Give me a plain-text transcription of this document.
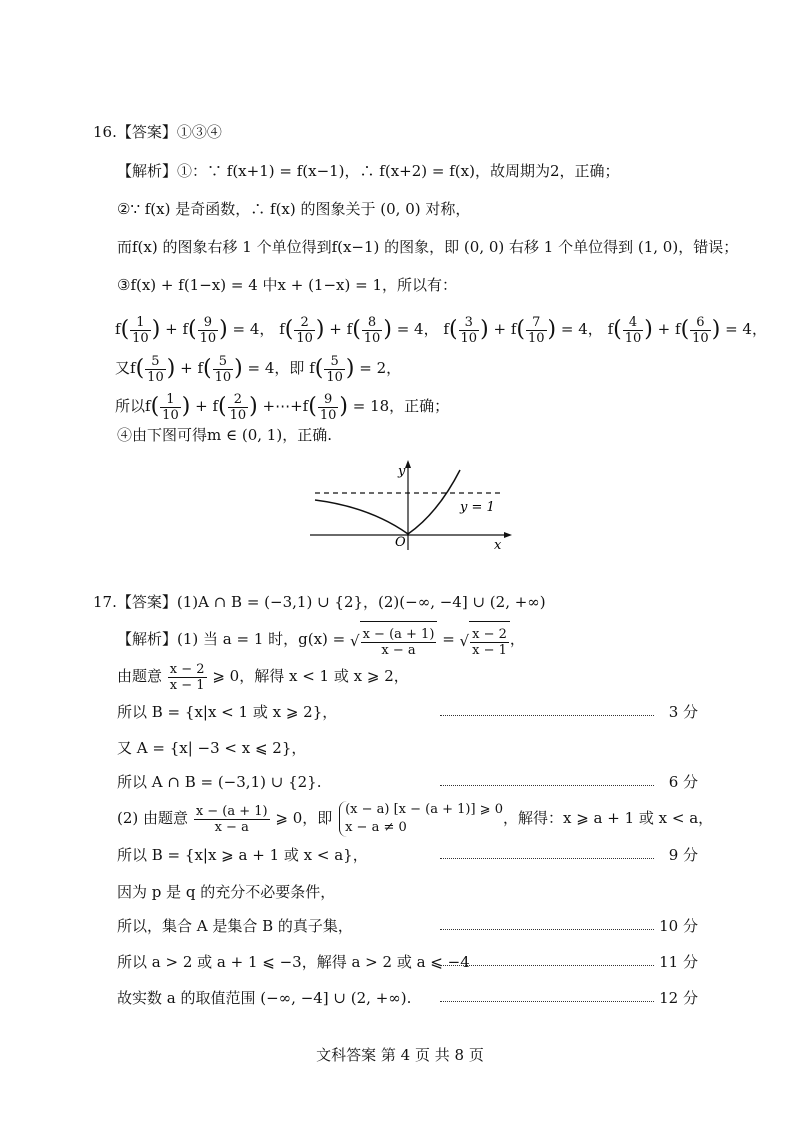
16.【答案】①③④
【解析】①：∵ f(x+1) = f(x−1)，∴ f(x+2) = f(x)，故周期为2，正确；
②∵ f(x) 是奇函数，∴ f(x) 的图象关于 (0, 0) 对称，
而f(x) 的图象右移 1 个单位得到f(x−1) 的图象，即 (0, 0) 右移 1 个单位得到 (1, 0)，错误；
③f(x) + f(1−x) = 4 中x + (1−x) = 1，所以有：
$f( \frac{1}{10}$ ) + $f( \frac{9}{10}$ ) = 4， $f( \frac{2}{10}$ ) + $f( \frac{8}{10}$ ) = 4， $f( \frac{3}{10}$ ) + $f( \frac{7}{10}$ ) = 4， $f( \frac{4}{10}$ ) + $f( \frac{6}{10}$ ) = 4，
又$f( \frac{5}{10}$ ) + $f( \frac{5}{10}$ ) = 4，即 $f( \frac{5}{10}$ ) = 2，
所以$f( \frac{1}{10}$ ) + $f( \frac{2}{10}$ ) +⋯+f( $\frac{9}{10}$ ) = 18，正确；
④由下图可得m ∈ (0, 1)，正确.
y
x
O
y = 1
17.【答案】(1)A ∩ B = (−3,1) ∪ {2}，(2)(−∞, −4] ∪ (2, +∞)
【解析】(1) 当 a = 1 时，g(x) = √ $\frac{x - (a + 1)}{x - a}$ = √ $\frac{x - 2}{x - 1}$ ，
由题意 $\frac{x - 2}{x - 1}$ ⩾ 0，解得 x < 1 或 x ⩾ 2，
所以 B = {x|x < 1 或 x ⩾ 2}，	3 分
又 A = {x| −3 < x ⩽ 2}，
所以 A ∩ B = (−3,1) ∪ {2}.	6 分
(2) 由题意 $\frac{x - (a + 1)}{x - a}$ ⩾ 0，即 (x − a) [x − (a + 1)] ⩾ 0
x − a ≠ 0
，解得：x ⩾ a + 1 或 x < a，
所以 B = {x|x ⩾ a + 1 或 x < a}，	9 分
因为 p 是 q 的充分不必要条件，
所以，集合 A 是集合 B 的真子集，	10 分
所以 a > 2 或 a + 1 ⩽ −3，解得 a > 2 或 a ⩽ −4	11 分
故实数 a 的取值范围 (−∞, −4] ∪ (2, +∞).	12 分
文科答案 第 4 页 共 8 页
